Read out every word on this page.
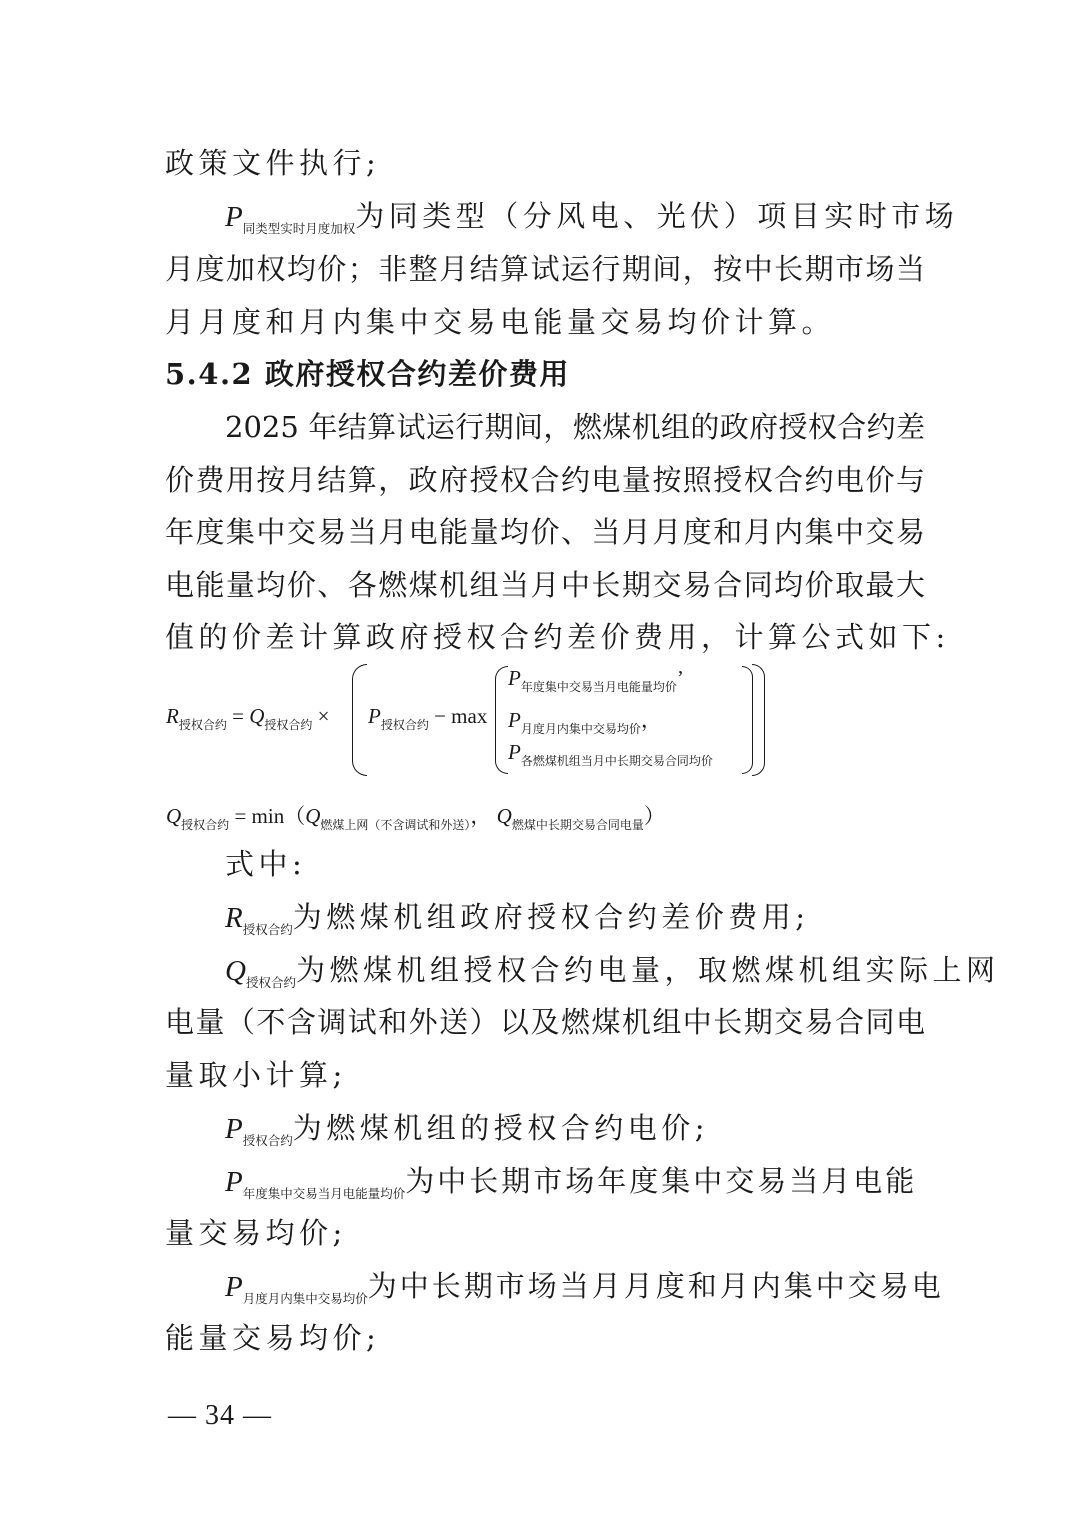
政策文件执行;
$P_{同类型实时月度加权}$为同类型（分风电、光伏）项目实时市场
月度加权均价；非整月结算试运行期间，按中长期市场当
月月度和月内集中交易电能量交易均价计算。
5.4.2 政府授权合约差价费用
2025 年结算试运行期间，燃煤机组的政府授权合约差
价费用按月结算，政府授权合约电量按照授权合约电价与
年度集中交易当月电能量均价、当月月度和月内集中交易
电能量均价、各燃煤机组当月中长期交易合同均价取最大
值的价差计算政府授权合约差价费用，计算公式如下:
$R_{授权合约} = Q_{授权合约} \times P_{授权合约} - \max$
$P_{年度集中交易当月电能量均价}$’
$P_{月度月内集中交易均价}$，
$P_{各燃煤机组当月中长期交易合同均价}$
$Q_{授权合约} = \min(Q_{燃煤上网(不含调试和外送)}$， $Q_{燃煤中长期交易合同电量}$）
式中:
$R_{授权合约}$为燃煤机组政府授权合约差价费用;
$Q_{授权合约}$为燃煤机组授权合约电量，取燃煤机组实际上网
电量（不含调试和外送）以及燃煤机组中长期交易合同电
量取小计算;
$P_{授权合约}$为燃煤机组的授权合约电价;
$P_{年度集中交易当月电能量均价}$为中长期市场年度集中交易当月电能
量交易均价;
$P_{月度月内集中交易均价}$为中长期市场当月月度和月内集中交易电
能量交易均价;
— 34 —
